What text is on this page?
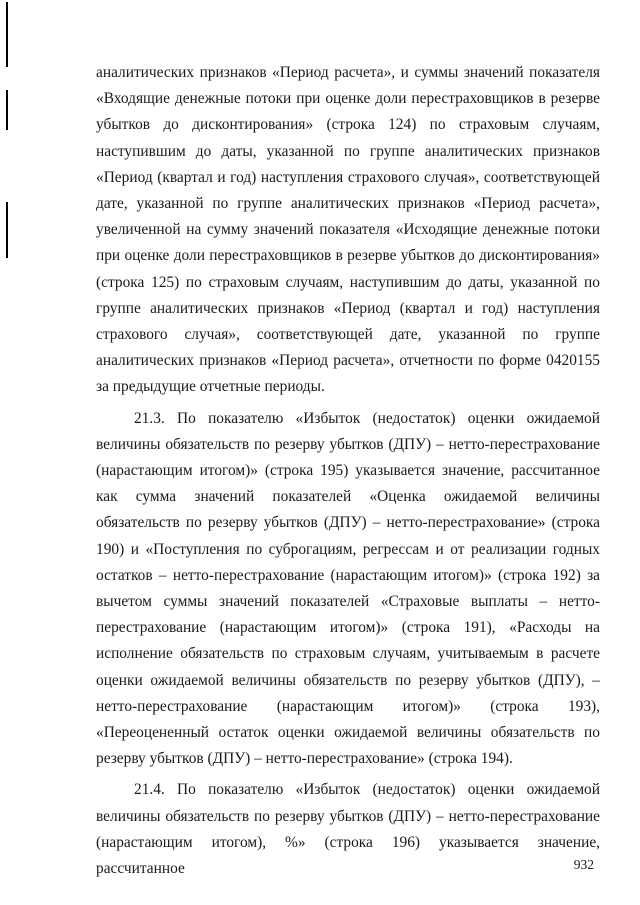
аналитических признаков «Период расчета», и суммы значений показателя «Входящие денежные потоки при оценке доли перестраховщиков в резерве убытков до дисконтирования» (строка 124) по страховым случаям, наступившим до даты, указанной по группе аналитических признаков «Период (квартал и год) наступления страхового случая», соответствующей дате, указанной по группе аналитических признаков «Период расчета», увеличенной на сумму значений показателя «Исходящие денежные потоки при оценке доли перестраховщиков в резерве убытков до дисконтирования» (строка 125) по страховым случаям, наступившим до даты, указанной по группе аналитических признаков «Период (квартал и год) наступления страхового случая», соответствующей дате, указанной по группе аналитических признаков «Период расчета», отчетности по форме 0420155 за предыдущие отчетные периоды.

21.3. По показателю «Избыток (недостаток) оценки ожидаемой величины обязательств по резерву убытков (ДПУ) – нетто-перестрахование (нарастающим итогом)» (строка 195) указывается значение, рассчитанное как сумма значений показателей «Оценка ожидаемой величины обязательств по резерву убытков (ДПУ) – нетто-перестрахование» (строка 190) и «Поступления по суброгациям, регрессам и от реализации годных остатков – нетто-перестрахование (нарастающим итогом)» (строка 192) за вычетом суммы значений показателей «Страховые выплаты – нетто-перестрахование (нарастающим итогом)» (строка 191), «Расходы на исполнение обязательств по страховым случаям, учитываемым в расчете оценки ожидаемой величины обязательств по резерву убытков (ДПУ), – нетто-перестрахование (нарастающим итогом)» (строка 193), «Переоцененный остаток оценки ожидаемой величины обязательств по резерву убытков (ДПУ) – нетто-перестрахование» (строка 194).

21.4. По показателю «Избыток (недостаток) оценки ожидаемой величины обязательств по резерву убытков (ДПУ) – нетто-перестрахование (нарастающим итогом), %» (строка 196) указывается значение, рассчитанное	932
